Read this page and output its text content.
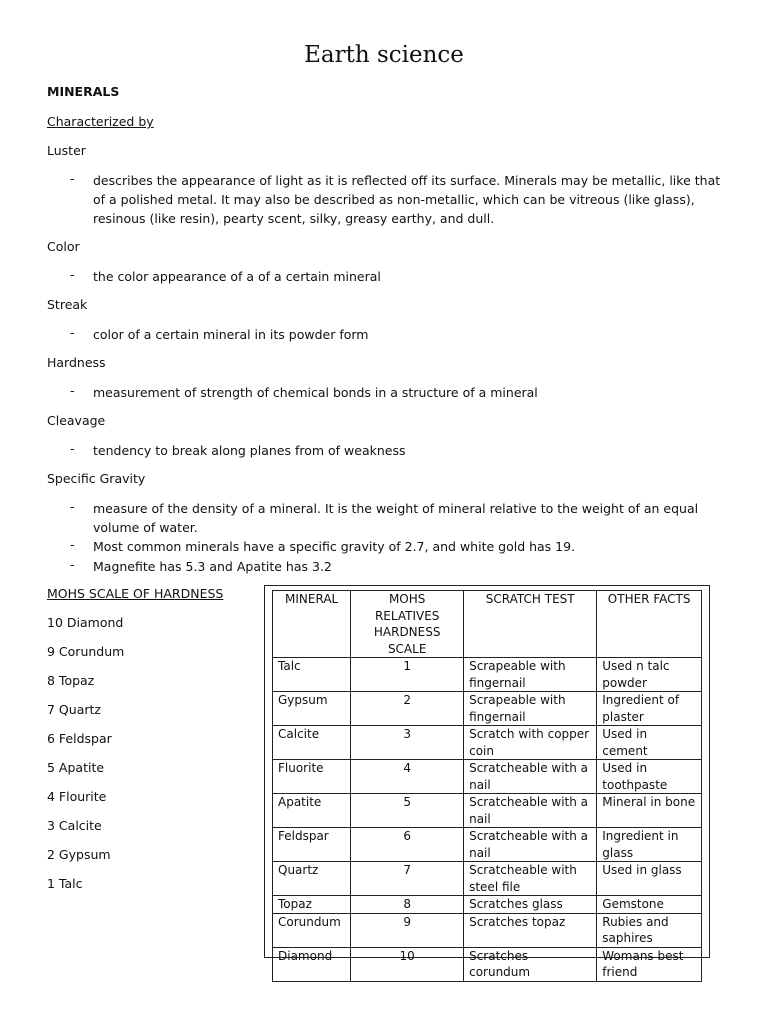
Earth science
MINERALS
Characterized by
Luster
- describes the appearance of light as it is reflected off its surface. Minerals may be metallic, like that of a polished metal. It may also be described as non-metallic, which can be vitreous (like glass), resinous (like resin), pearty scent, silky, greasy earthy, and dull.
Color
- the color appearance of a of a certain mineral
Streak
- color of a certain mineral in its powder form
Hardness
- measurement of strength of chemical bonds in a structure of a mineral
Cleavage
- tendency to break along planes from of weakness
Specific Gravity
- measure of the density of a mineral. It is the weight of mineral relative to the weight of an equal volume of water.
- Most common minerals have a specific gravity of 2.7, and white gold has 19.
- Magnefite has 5.3 and Apatite has 3.2
MOHS SCALE OF HARDNESS
10 Diamond
9 Corundum
8 Topaz
7 Quartz
6 Feldspar
5 Apatite
4 Flourite
3 Calcite
2 Gypsum
1 Talc
MINERAL	MOHS RELATIVES HARDNESS SCALE	SCRATCH TEST	OTHER FACTS
Talc	1	Scrapeable with fingernail	Used n talc powder
Gypsum	2	Scrapeable with fingernail	Ingredient of plaster
Calcite	3	Scratch with copper coin	Used in cement
Fluorite	4	Scratcheable with a nail	Used in toothpaste
Apatite	5	Scratcheable with a nail	Mineral in bone
Feldspar	6	Scratcheable with a nail	Ingredient in glass
Quartz	7	Scratcheable with steel file	Used in glass
Topaz	8	Scratches glass	Gemstone
Corundum	9	Scratches topaz	Rubies and saphires
Diamond	10	Scratches corundum	Womans best friend
